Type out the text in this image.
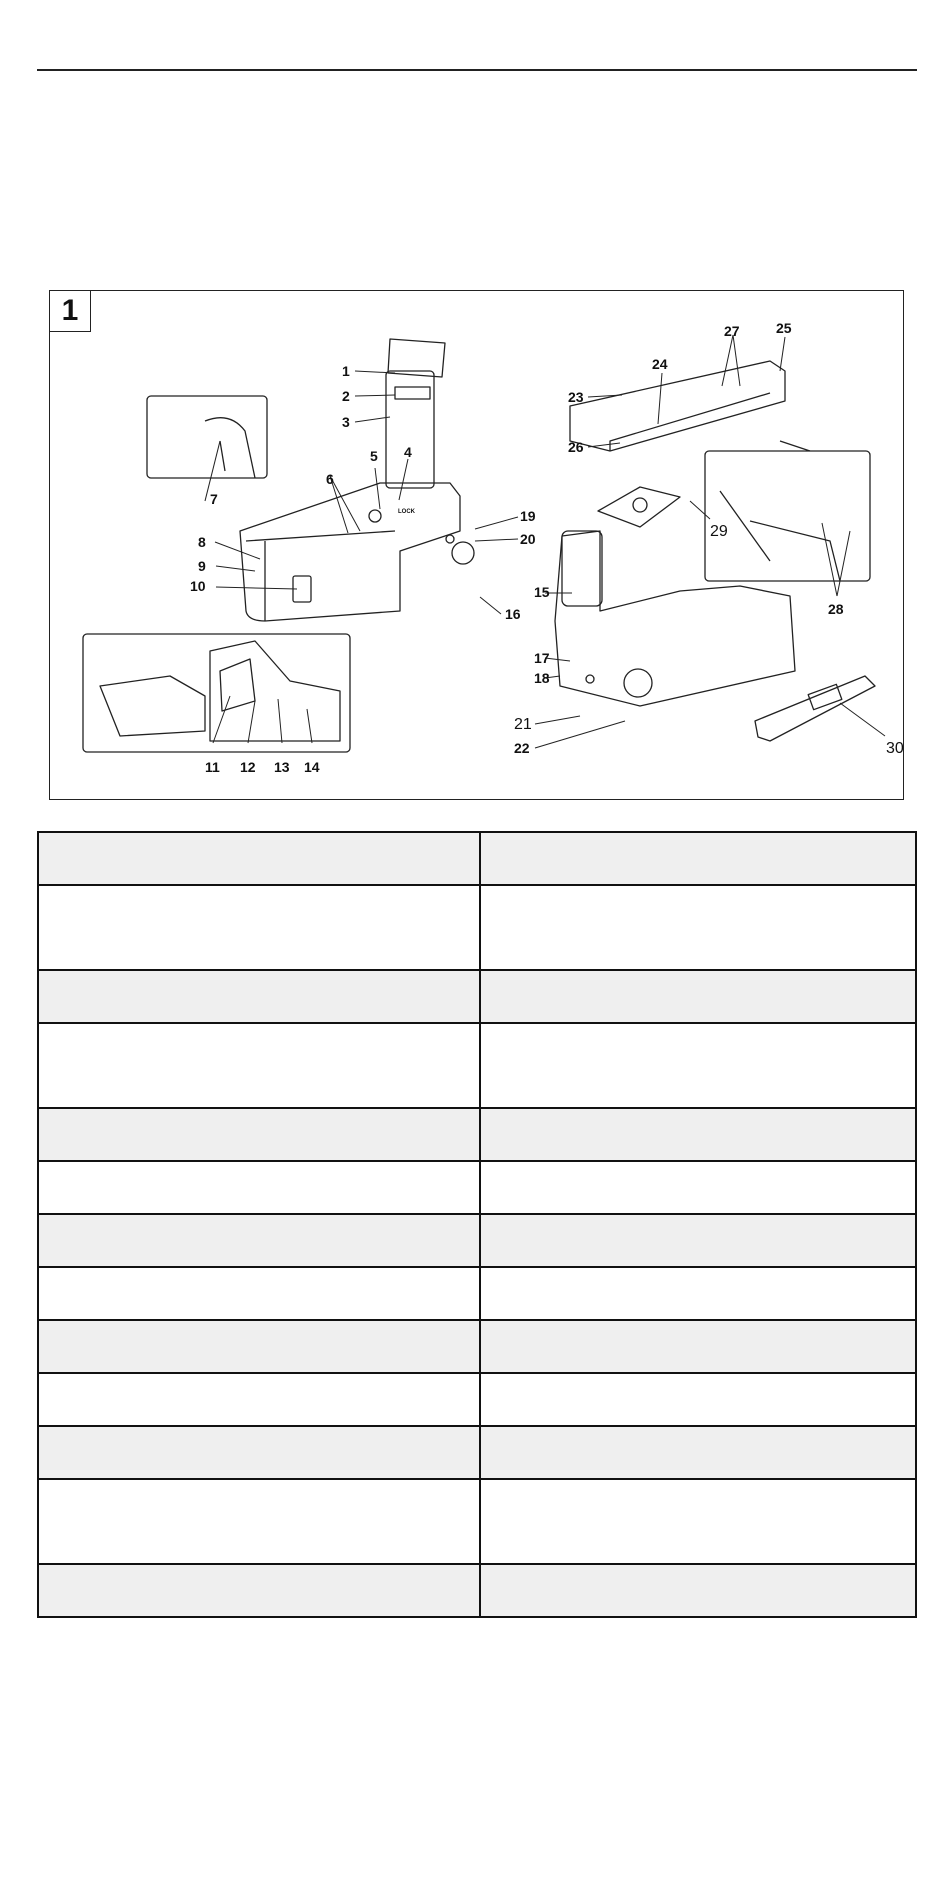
1
2
3
4
5
6
7
8
9
10
11 12 13 14
15
16
17
18
19
20
21
22
23
24
25
26
27
28
29
30
LOCK
1
